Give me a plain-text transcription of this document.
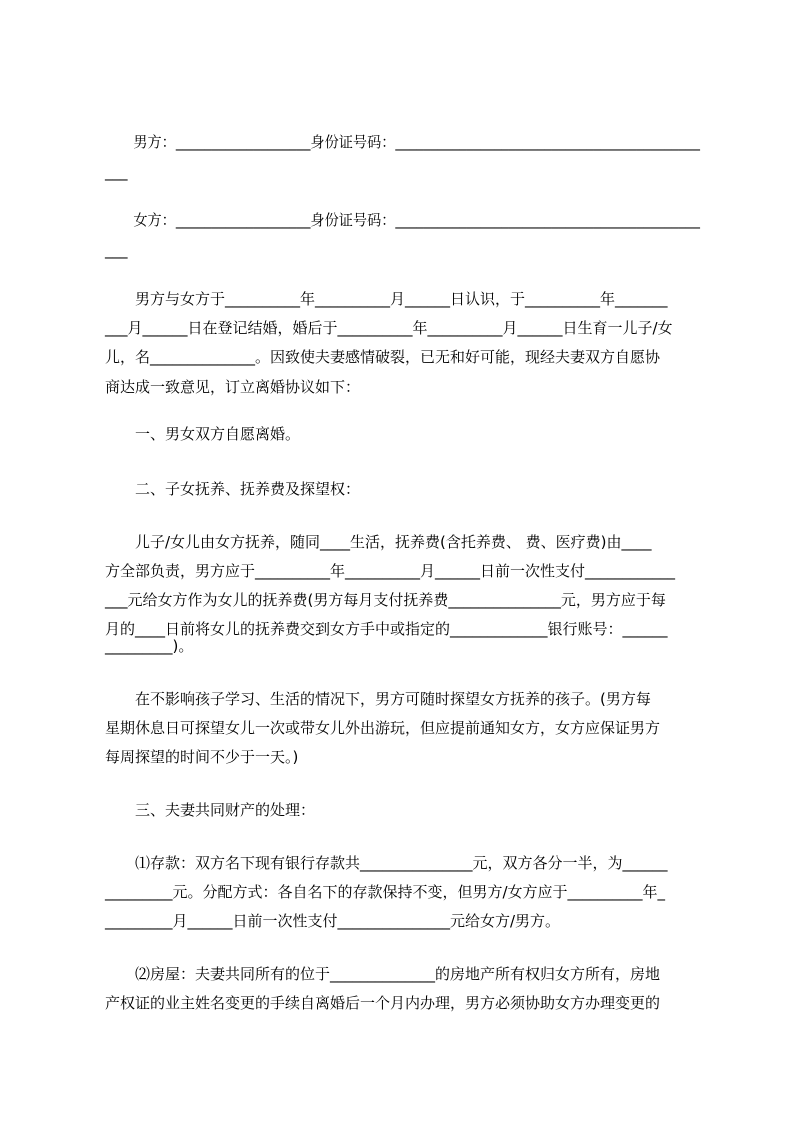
　　男方：___________________身份证号码：___________________________________________
___
　　女方：___________________身份证号码：___________________________________________
___
　　男方与女方于__________年__________月______日认识，于__________年_______
___月______日在登记结婚，婚后于__________年__________月______日生育一儿子/女
儿，名______________。因致使夫妻感情破裂，已无和好可能，现经夫妻双方自愿协
商达成一致意见，订立离婚协议如下：
　　一、男女双方自愿离婚。
　　二、子女抚养、抚养费及探望权：
　　儿子/女儿由女方抚养，随同____生活，抚养费(含托养费、 费、医疗费)由____
方全部负责，男方应于__________年__________月______日前一次性支付____________
___元给女方作为女儿的抚养费(男方每月支付抚养费_______________元，男方应于每
月的____日前将女儿的抚养费交到女方手中或指定的_____________银行账号：______
_________)。
　　在不影响孩子学习、生活的情况下，男方可随时探望女方抚养的孩子。(男方每
星期休息日可探望女儿一次或带女儿外出游玩，但应提前通知女方，女方应保证男方
每周探望的时间不少于一天。)
　　三、夫妻共同财产的处理：
　　⑴存款：双方名下现有银行存款共_______________元，双方各分一半，为______
_________元。分配方式：各自名下的存款保持不变，但男方/女方应于__________年_
_________月______日前一次性支付_______________元给女方/男方。
　　⑵房屋：夫妻共同所有的位于______________的房地产所有权归女方所有，房地
产权证的业主姓名变更的手续自离婚后一个月内办理，男方必须协助女方办理变更的
